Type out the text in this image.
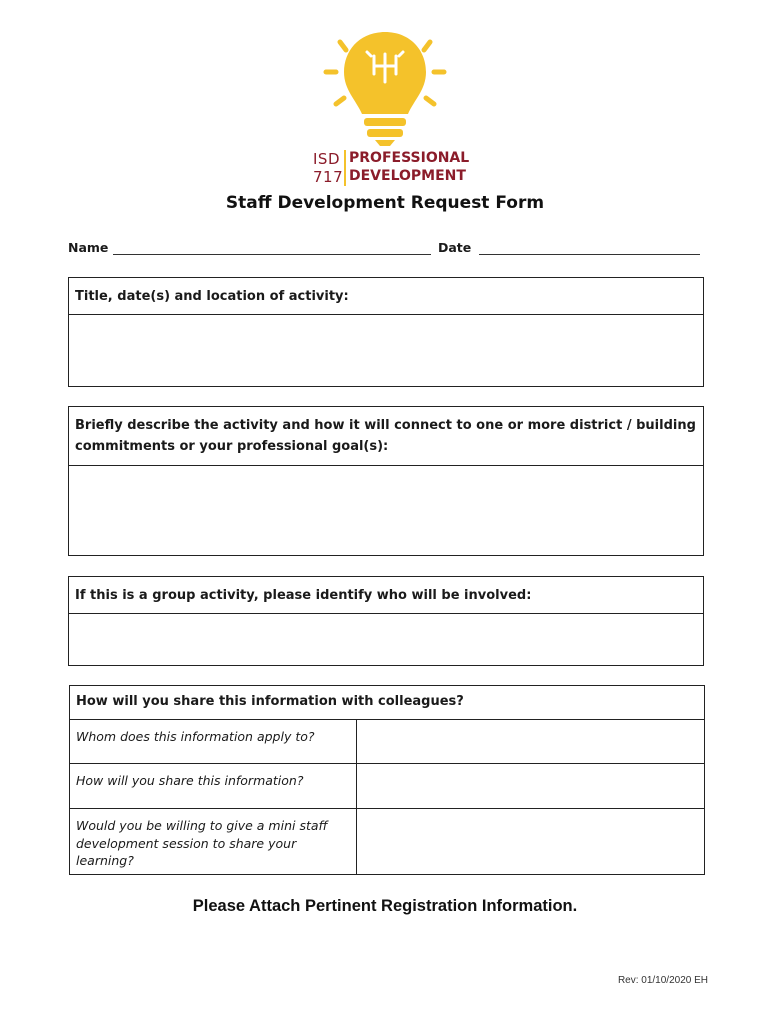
ISD
717
PROFESSIONAL
DEVELOPMENT
Staff Development Request Form
Name	Date
Title, date(s) and location of activity:
Briefly describe the activity and how it will connect to one or more district / building commitments or your professional goal(s):
If this is a group activity, please identify who will be involved:
How will you share this information with colleagues?
Whom does this information apply to?
How will you share this information?
Would you be willing to give a mini staff development session to share your learning?
Please Attach Pertinent Registration Information.
Rev: 01/10/2020 EH
